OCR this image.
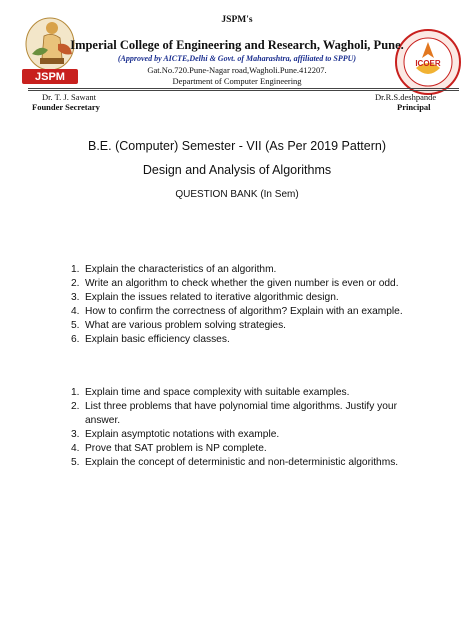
JSPM
ICOER
JSPM's
Imperial College of Engineering and Research, Wagholi, Pune.
(Approved by AICTE,Delhi & Govt. of Maharashtra, affiliated to SPPU)
Gat.No.720.Pune-Nagar road,Wagholi.Pune.412207.
Department of Computer Engineering
Dr. T. J. Sawant
Founder Secretary
Dr.R.S.deshpande
Principal
B.E. (Computer) Semester - VII (As Per 2019 Pattern)
Design and Analysis of Algorithms
QUESTION BANK (In Sem)
1. Explain the characteristics of an algorithm.
2. Write an algorithm to check whether the given number is even or odd.
3. Explain the issues related to iterative algorithmic design.
4. How to confirm the correctness of algorithm? Explain with an example.
5. What are various problem solving strategies.
6. Explain basic efficiency classes.
1. Explain time and space complexity with suitable examples.
2. List three problems that have polynomial time algorithms. Justify your answer.
3. Explain asymptotic notations with example.
4. Prove that SAT problem is NP complete.
5. Explain the concept of deterministic and non-deterministic algorithms.
